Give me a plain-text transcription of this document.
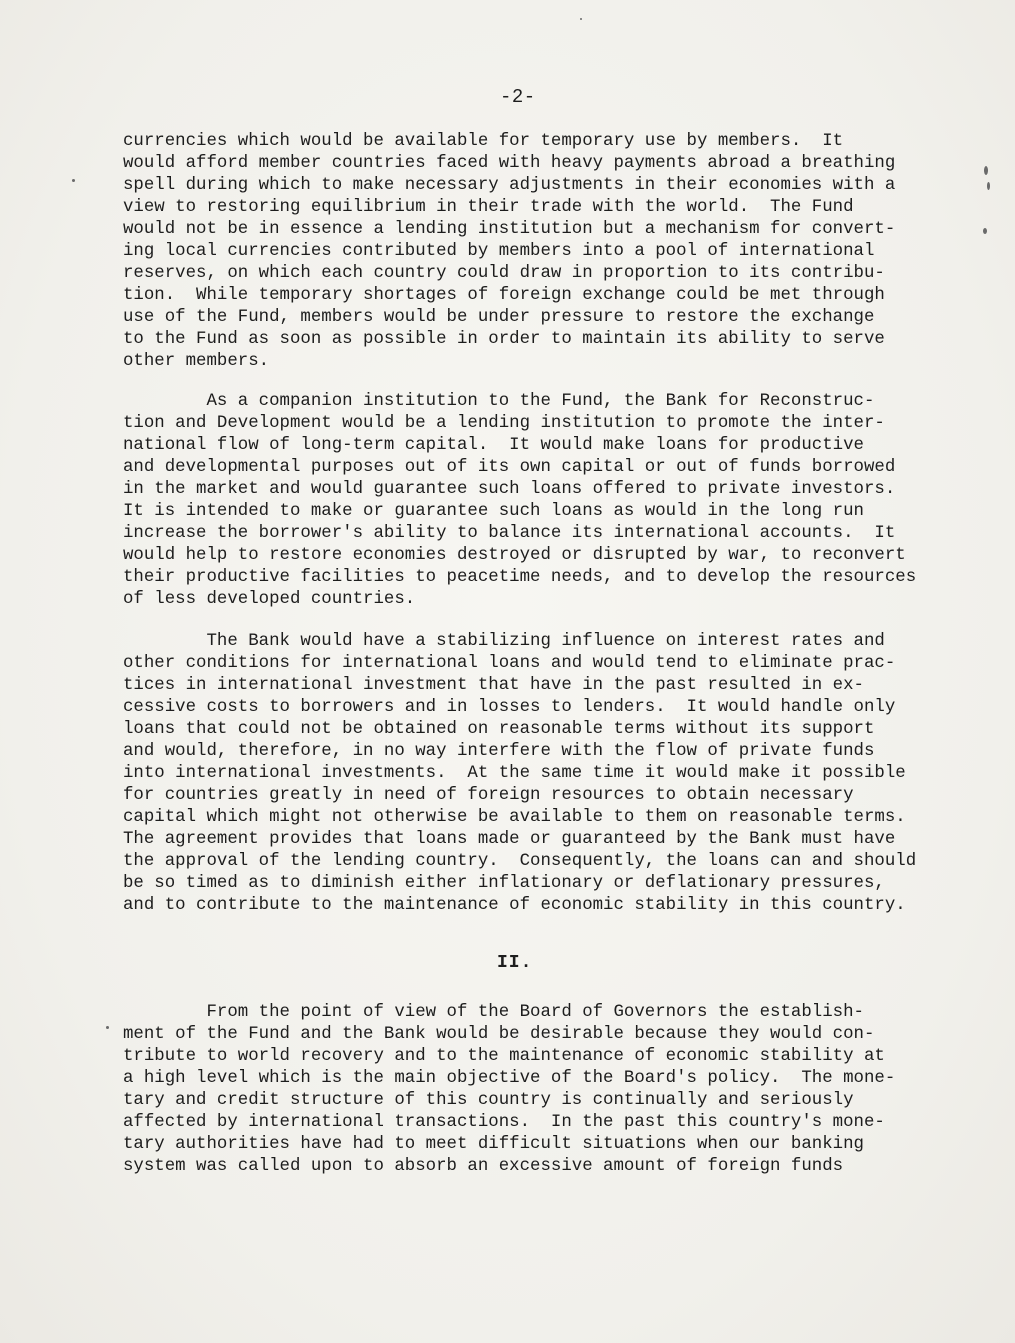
-2-
currencies which would be available for temporary use by members.  It
would afford member countries faced with heavy payments abroad a breathing
spell during which to make necessary adjustments in their economies with a
view to restoring equilibrium in their trade with the world.  The Fund
would not be in essence a lending institution but a mechanism for convert-
ing local currencies contributed by members into a pool of international
reserves, on which each country could draw in proportion to its contribu-
tion.  While temporary shortages of foreign exchange could be met through
use of the Fund, members would be under pressure to restore the exchange
to the Fund as soon as possible in order to maintain its ability to serve
other members.
As a companion institution to the Fund, the Bank for Reconstruc-
tion and Development would be a lending institution to promote the inter-
national flow of long-term capital.  It would make loans for productive
and developmental purposes out of its own capital or out of funds borrowed
in the market and would guarantee such loans offered to private investors.
It is intended to make or guarantee such loans as would in the long run
increase the borrower's ability to balance its international accounts.  It
would help to restore economies destroyed or disrupted by war, to reconvert
their productive facilities to peacetime needs, and to develop the resources
of less developed countries.
The Bank would have a stabilizing influence on interest rates and
other conditions for international loans and would tend to eliminate prac-
tices in international investment that have in the past resulted in ex-
cessive costs to borrowers and in losses to lenders.  It would handle only
loans that could not be obtained on reasonable terms without its support
and would, therefore, in no way interfere with the flow of private funds
into international investments.  At the same time it would make it possible
for countries greatly in need of foreign resources to obtain necessary
capital which might not otherwise be available to them on reasonable terms.
The agreement provides that loans made or guaranteed by the Bank must have
the approval of the lending country.  Consequently, the loans can and should
be so timed as to diminish either inflationary or deflationary pressures,
and to contribute to the maintenance of economic stability in this country.
From the point of view of the Board of Governors the establish-
ment of the Fund and the Bank would be desirable because they would con-
tribute to world recovery and to the maintenance of economic stability at
a high level which is the main objective of the Board's policy.  The mone-
tary and credit structure of this country is continually and seriously
affected by international transactions.  In the past this country's mone-
tary authorities have had to meet difficult situations when our banking
system was called upon to absorb an excessive amount of foreign funds
II.
